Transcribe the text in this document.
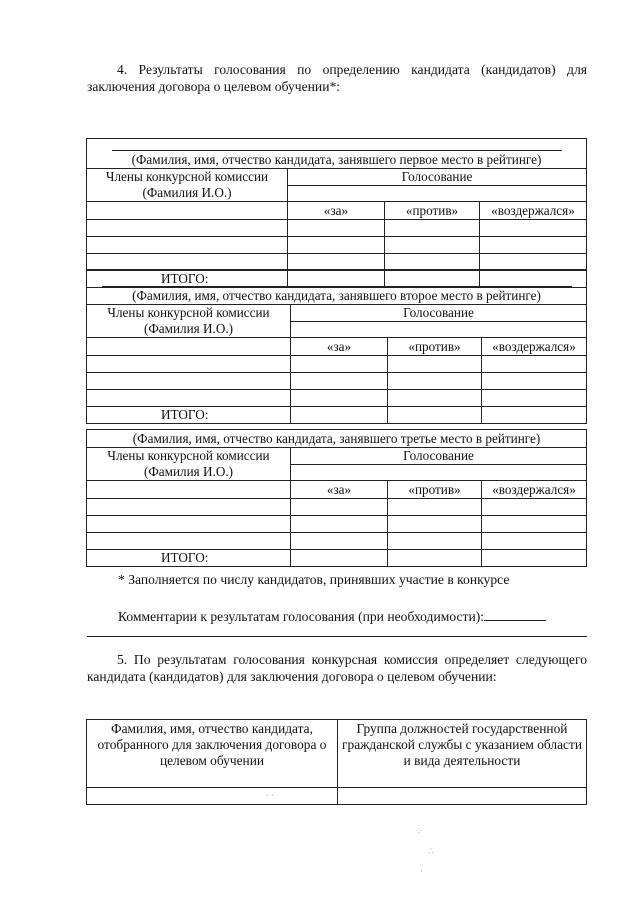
4. Результаты голосования по определению кандидата (кандидатов) для заключения договора о целевом обучении*:
(Фамилия, имя, отчество кандидата, занявшего первое место в рейтинге)			
Члены конкурсной комиссии (Фамилия И.О.)	Голосование		

	«за»	«против»	«воздержался»

ИТОГО:			
(Фамилия, имя, отчество кандидата, занявшего второе место в рейтинге)			
Члены конкурсной комиссии (Фамилия И.О.)	Голосование		

	«за»	«против»	«воздержался»

ИТОГО:			
(Фамилия, имя, отчество кандидата, занявшего третье место в рейтинге)			
Члены конкурсной комиссии (Фамилия И.О.)	Голосование		

	«за»	«против»	«воздержался»

ИТОГО:			
* Заполняется по числу кандидатов, принявших участие в конкурсе
Комментарии к результатам голосования (при необходимости):
5. По результатам голосования конкурсная комиссия определяет следующего кандидата (кандидатов) для заключения договора о целевом обучении:
Фамилия, имя, отчество кандидата, отобранного для заключения договора о целевом обучении	Группа должностей государственной гражданской службы с указанием области и вида деятельности

· ·
⁘
∴
·
